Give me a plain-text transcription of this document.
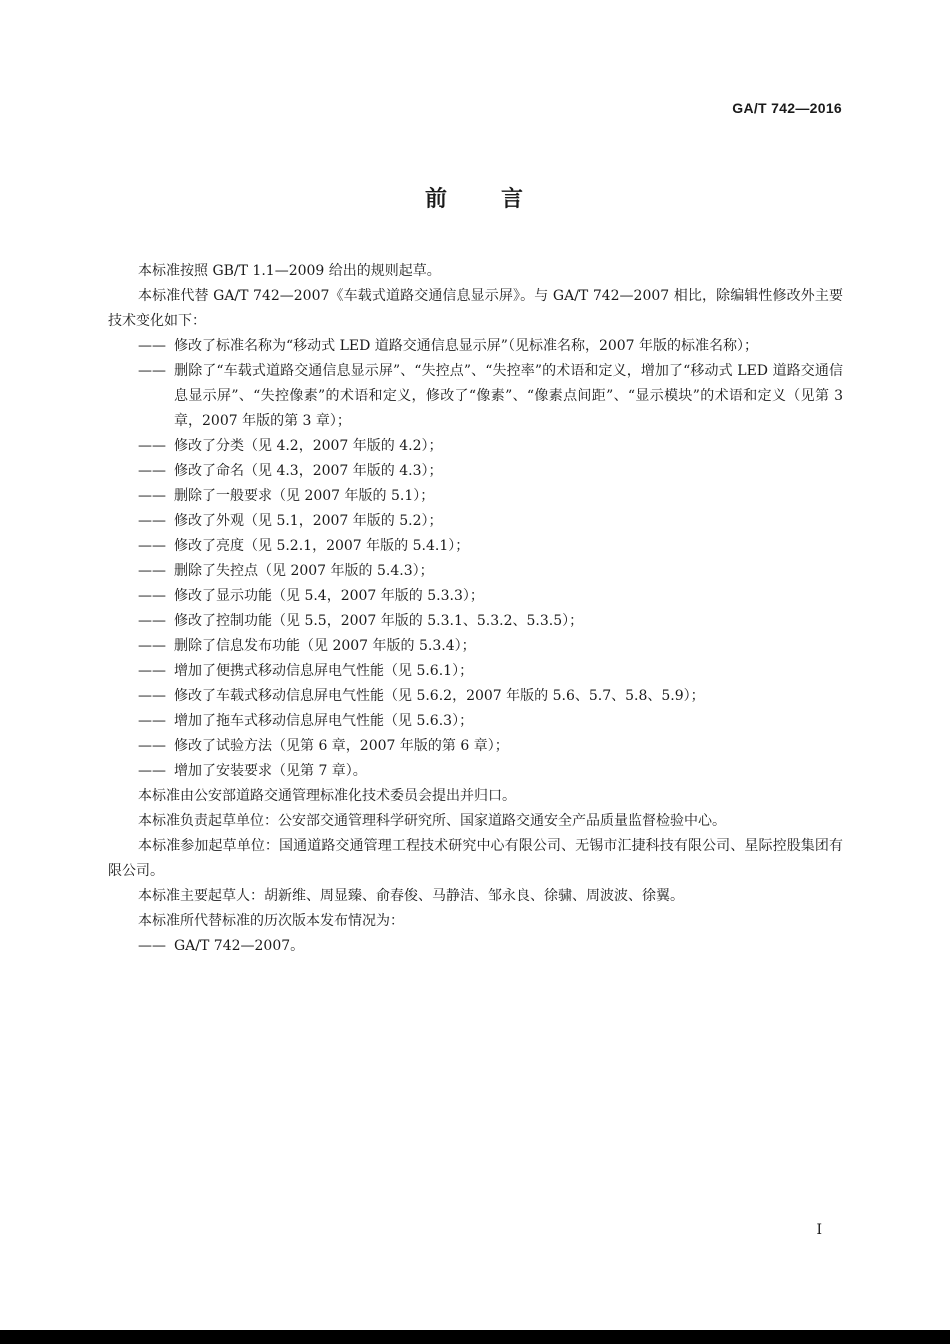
GA/T 742—2016
前 言

本标准按照 GB/T 1.1—2009 给出的规则起草。

本标准代替 GA/T 742—2007《车载式道路交通信息显示屏》。与 GA/T 742—2007 相比，除编辑性修改外主要技术变化如下：

—— 修改了标准名称为“移动式 LED 道路交通信息显示屏”（见标准名称，2007 年版的标准名称）；

—— 删除了“车载式道路交通信息显示屏”、“失控点”、“失控率”的术语和定义，增加了“移动式 LED 道路交通信息显示屏”、“失控像素”的术语和定义，修改了“像素”、“像素点间距”、“显示模块”的术语和定义（见第 3 章，2007 年版的第 3 章）；

—— 修改了分类（见 4.2，2007 年版的 4.2）；

—— 修改了命名（见 4.3，2007 年版的 4.3）；

—— 删除了一般要求（见 2007 年版的 5.1）；

—— 修改了外观（见 5.1，2007 年版的 5.2）；

—— 修改了亮度（见 5.2.1，2007 年版的 5.4.1）；

—— 删除了失控点（见 2007 年版的 5.4.3）；

—— 修改了显示功能（见 5.4，2007 年版的 5.3.3）；

—— 修改了控制功能（见 5.5，2007 年版的 5.3.1、5.3.2、5.3.5）；

—— 删除了信息发布功能（见 2007 年版的 5.3.4）；

—— 增加了便携式移动信息屏电气性能（见 5.6.1）；

—— 修改了车载式移动信息屏电气性能（见 5.6.2，2007 年版的 5.6、5.7、5.8、5.9）；

—— 增加了拖车式移动信息屏电气性能（见 5.6.3）；

—— 修改了试验方法（见第 6 章，2007 年版的第 6 章）；

—— 增加了安装要求（见第 7 章）。

本标准由公安部道路交通管理标准化技术委员会提出并归口。

本标准负责起草单位：公安部交通管理科学研究所、国家道路交通安全产品质量监督检验中心。

本标准参加起草单位：国通道路交通管理工程技术研究中心有限公司、无锡市汇捷科技有限公司、星际控股集团有限公司。

本标准主要起草人：胡新维、周显臻、俞春俊、马静洁、邹永良、徐骕、周波波、徐翼。

本标准所代替标准的历次版本发布情况为：

—— GA/T 742—2007。

I
